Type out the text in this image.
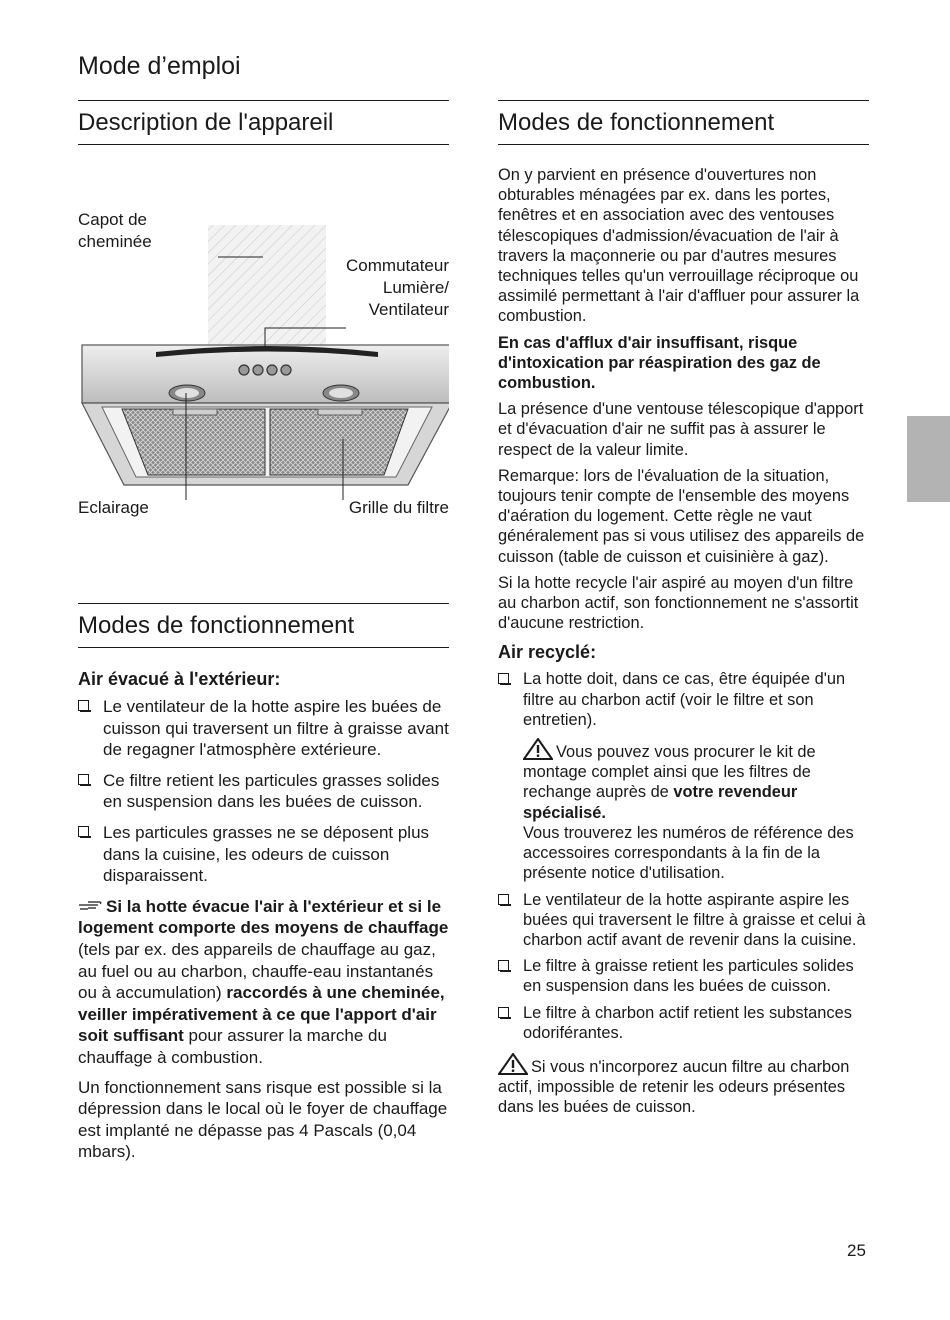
Mode d’emploi
Description de l'appareil
Capot de
cheminée
Commutateur
Lumière/
Ventilateur
Eclairage	Grille du filtre
Modes de fonctionnement
Air évacué à l'extérieur:
Le ventilateur de la hotte aspire les buées de cuisson qui traversent un filtre à graisse avant de regagner l'atmosphère extérieure.
Ce filtre retient les particules grasses solides en suspension dans les buées de cuisson.
Les particules grasses ne se déposent plus dans la cuisine, les odeurs de cuisson disparaissent.

Si la hotte évacue l'air à l'extérieur et si le logement comporte des moyens de chauffage (tels par ex. des appareils de chauffage au gaz, au fuel ou au charbon, chauffe-eau instantanés ou à accumulation) raccordés à une cheminée, veiller impérativement à ce que l'apport d'air soit suffisant pour assurer la marche du chauffage à combustion.

Un fonctionnement sans risque est possible si la dépression dans le local où le foyer de chauffage est implanté ne dépasse pas 4 Pascals (0,04 mbars).

Modes de fonctionnement

On y parvient en présence d'ouvertures non obturables ménagées par ex. dans les portes, fenêtres et en association avec des ventouses télescopiques d'admission/évacuation de l'air à travers la maçonnerie ou par d'autres mesures techniques telles qu'un verrouillage réciproque ou assimilé permettant à l'air d'affluer pour assurer la combustion.

En cas d'afflux d'air insuffisant, risque d'intoxication par réaspiration des gaz de combustion.

La présence d'une ventouse télescopique d'apport et d'évacuation d'air ne suffit pas à assurer le respect de la valeur limite.

Remarque: lors de l'évaluation de la situation, toujours tenir compte de l'ensemble des moyens d'aération du logement. Cette règle ne vaut généralement pas si vous utilisez des appareils de cuisson (table de cuisson et cuisinière à gaz).

Si la hotte recycle l'air aspiré au moyen d'un filtre au charbon actif, son fonctionnement ne s'assortit d'aucune restriction.

Air recyclé:
La hotte doit, dans ce cas, être équipée d'un filtre au charbon actif (voir le filtre et son entretien).

Vous pouvez vous procurer le kit de montage complet ainsi que les filtres de rechange auprès de votre revendeur spécialisé.

Vous trouverez les numéros de référence des accessoires correspondants à la fin de la présente notice d'utilisation.

Le ventilateur de la hotte aspirante aspire les buées qui traversent le filtre à graisse et celui à charbon actif avant de revenir dans la cuisine.
Le filtre à graisse retient les particules solides en suspension dans les buées de cuisson.
Le filtre à charbon actif retient les substances odoriférantes.

Si vous n'incorporez aucun filtre au charbon actif, impossible de retenir les odeurs présentes dans les buées de cuisson.

25
